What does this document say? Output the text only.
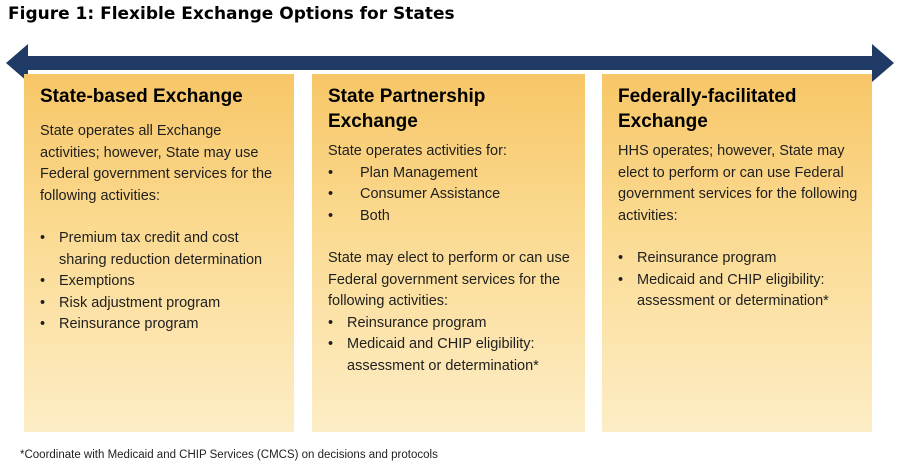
Figure 1: Flexible Exchange Options for States
State-based Exchange

State operates all Exchange activities; however, State may use Federal government services for the following activities:

• Premium tax credit and cost sharing reduction determination
• Exemptions
• Risk adjustment program
• Reinsurance program
State Partnership Exchange

State operates activities for:

• Plan Management
• Consumer Assistance
• Both

State may elect to perform or can use Federal government services for the following activities:

• Reinsurance program
• Medicaid and CHIP eligibility: assessment or determination*
Federally-facilitated Exchange

HHS operates; however, State may elect to perform or can use Federal government services for the following activities:

• Reinsurance program
• Medicaid and CHIP eligibility: assessment or determination*

*Coordinate with Medicaid and CHIP Services (CMCS) on decisions and protocols
